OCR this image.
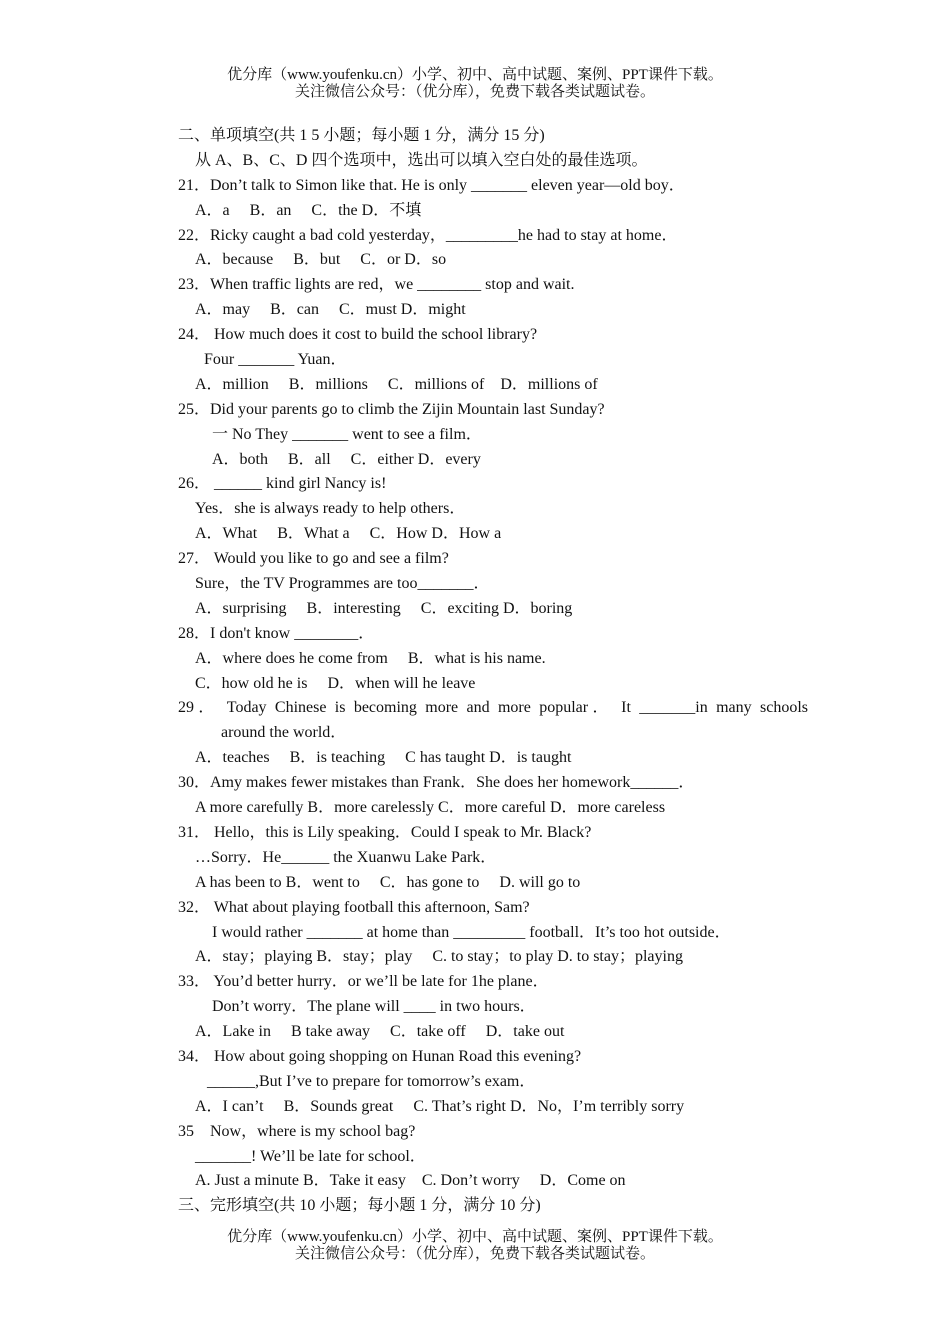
优分库（www.youfenku.cn）小学、初中、高中试题、案例、PPT课件下载。
关注微信公众号：（优分库），免费下载各类试题试卷。
二、单项填空(共 1 5 小题；每小题 1 分，满分 15 分)
从 A、B、C、D 四个选项中，选出可以填入空白处的最佳选项。
21．Don’t talk to Simon like that. He is only _______ eleven year—old boy．
A．a　 B．an　 C．the D．不填
22．Ricky caught a bad cold yesterday，_________he had to stay at home．
A．because　 B．but　 C．or D．so
23．When traffic lights are red，we ________ stop and wait.
A．may　 B．can　 C．must D．might
24． How much does it cost to build the school library?
Four _______ Yuan．
A．million　 B．millions　 C．millions of　D．millions of
25．Did your parents go to climb the Zijin Mountain last Sunday?
一 No They _______ went to see a film．
A．both　 B．all　 C．either D．every
26． ______ kind girl Nancy is!
Yes．she is always ready to help others．
A．What　 B．What a　 C．How D．How a
27． Would you like to go and see a film?
Sure，the TV Programmes are too_______．
A．surprising　 B．interesting　 C．exciting D．boring
28．I don't know ________．
A．where does he come from　 B．what is his name.
C．how old he is　 D．when will he leave
29． Today Chinese is becoming more and more popular． It _______in many schools
around the world．
A．teaches　 B．is teaching　 C has taught D．is taught
30．Amy makes fewer mistakes than Frank．She does her homework______．
A more carefully B．more carelessly C．more careful D．more careless
31． Hello，this is Lily speaking．Could I speak to Mr. Black?
…Sorry．He______ the Xuanwu Lake Park．
A has been to B．went to　 C．has gone to　 D. will go to
32． What about playing football this afternoon, Sam?
I would rather _______ at home than _________ football．It’s too hot outside．
A．stay；playing B．stay；play　 C. to stay；to play D. to stay；playing
33． You’d better hurry．or we’ll be late for 1he plane．
Don’t worry．The plane will ____ in two hours．
A．Lake in　 B take away　 C．take off　 D．take out
34． How about going shopping on Hunan Road this evening?
______,But I’ve to prepare for tomorrow’s exam．
A．I can’t　 B．Sounds great　 C. That’s right D．No，I’m terribly sorry
35　Now，where is my school bag?
_______! We’ll be late for school．
A. Just a minute B．Take it easy　C. Don’t worry　 D．Come on
三、完形填空(共 10 小题；每小题 1 分，满分 10 分)
优分库（www.youfenku.cn）小学、初中、高中试题、案例、PPT课件下载。
关注微信公众号：（优分库），免费下载各类试题试卷。
